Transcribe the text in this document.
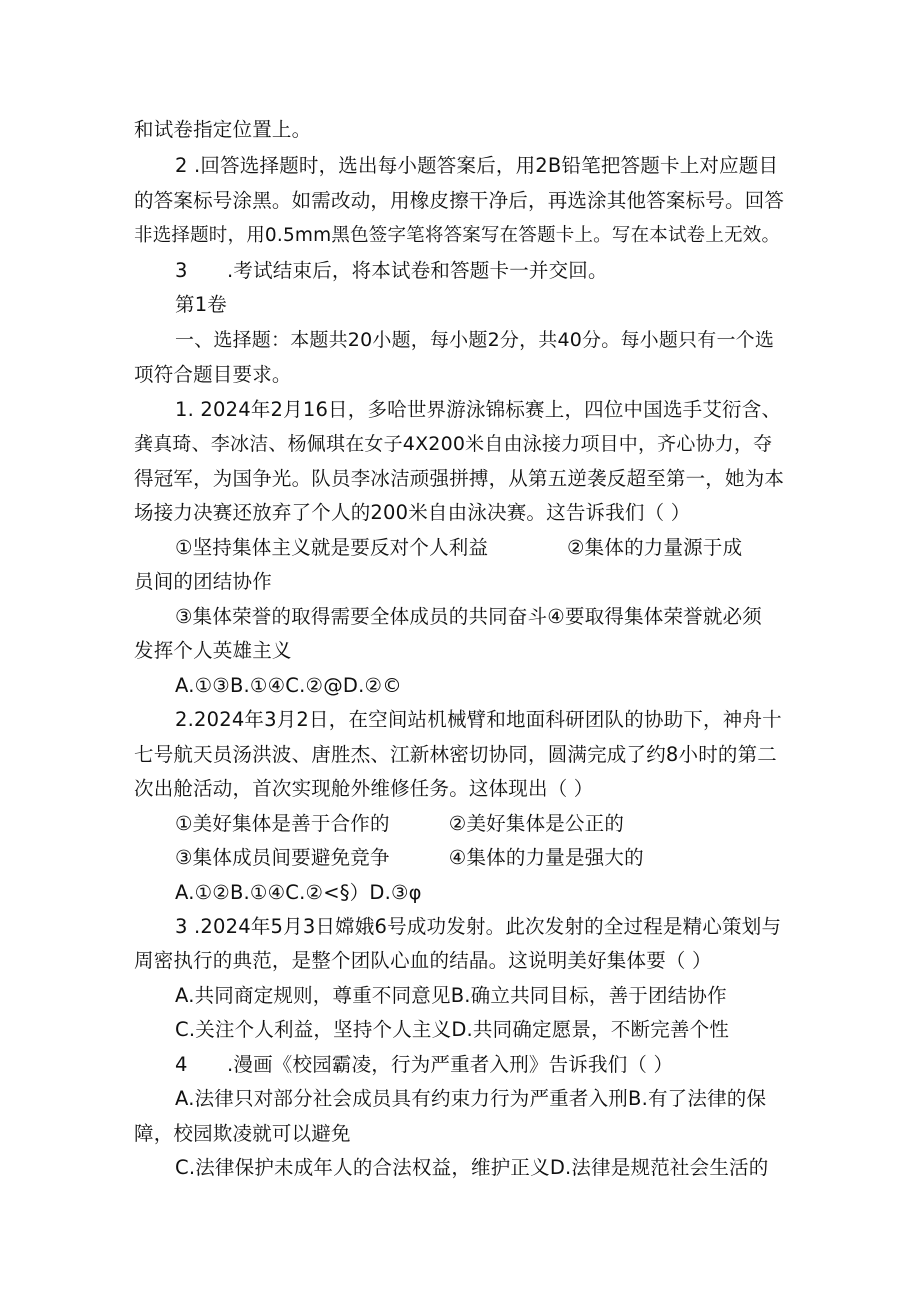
和试卷指定位置上。
2 .回答选择题时，选出每小题答案后，用2B铅笔把答题卡上对应题目
的答案标号涂黑。如需改动，用橡皮擦干净后，再选涂其他答案标号。回答
非选择题时，用0.5mm黑色签字笔将答案写在答题卡上。写在本试卷上无效。
3　　.考试结束后，将本试卷和答题卡一并交回。
第1卷
一、选择题：本题共20小题，每小题2分，共40分。每小题只有一个选
项符合题目要求。
1. 2024年2月16日，多哈世界游泳锦标赛上，四位中国选手艾衍含、
龚真琦、李冰洁、杨佩琪在女子4X200米自由泳接力项目中，齐心协力，夺
得冠军，为国争光。队员李冰洁顽强拼搏，从第五逆袭反超至第一，她为本
场接力决赛还放弃了个人的200米自由泳决赛。这告诉我们（ ）
①坚持集体主义就是要反对个人利益　　　　②集体的力量源于成
员间的团结协作
③集体荣誉的取得需要全体成员的共同奋斗④要取得集体荣誉就必须
发挥个人英雄主义
A.①③B.①④C.②@D.②©
2.2024年3月2日，在空间站机械臂和地面科研团队的协助下，神舟十
七号航天员汤洪波、唐胜杰、江新林密切协同，圆满完成了约8小时的第二
次出舱活动，首次实现舱外维修任务。这体现出（ ）
①美好集体是善于合作的　　　②美好集体是公正的
③集体成员间要避免竞争　　　④集体的力量是强大的
A.①②B.①④C.②<§）D.③φ
3 .2024年5月3日嫦娥6号成功发射。此次发射的全过程是精心策划与
周密执行的典范，是整个团队心血的结晶。这说明美好集体要（ ）
A.共同商定规则，尊重不同意见B.确立共同目标，善于团结协作
C.关注个人利益，坚持个人主义D.共同确定愿景，不断完善个性
4　　.漫画《校园霸凌，行为严重者入刑》告诉我们（ ）
A.法律只对部分社会成员具有约束力行为严重者入刑B.有了法律的保
障，校园欺凌就可以避免
C.法律保护未成年人的合法权益，维护正义D.法律是规范社会生活的
